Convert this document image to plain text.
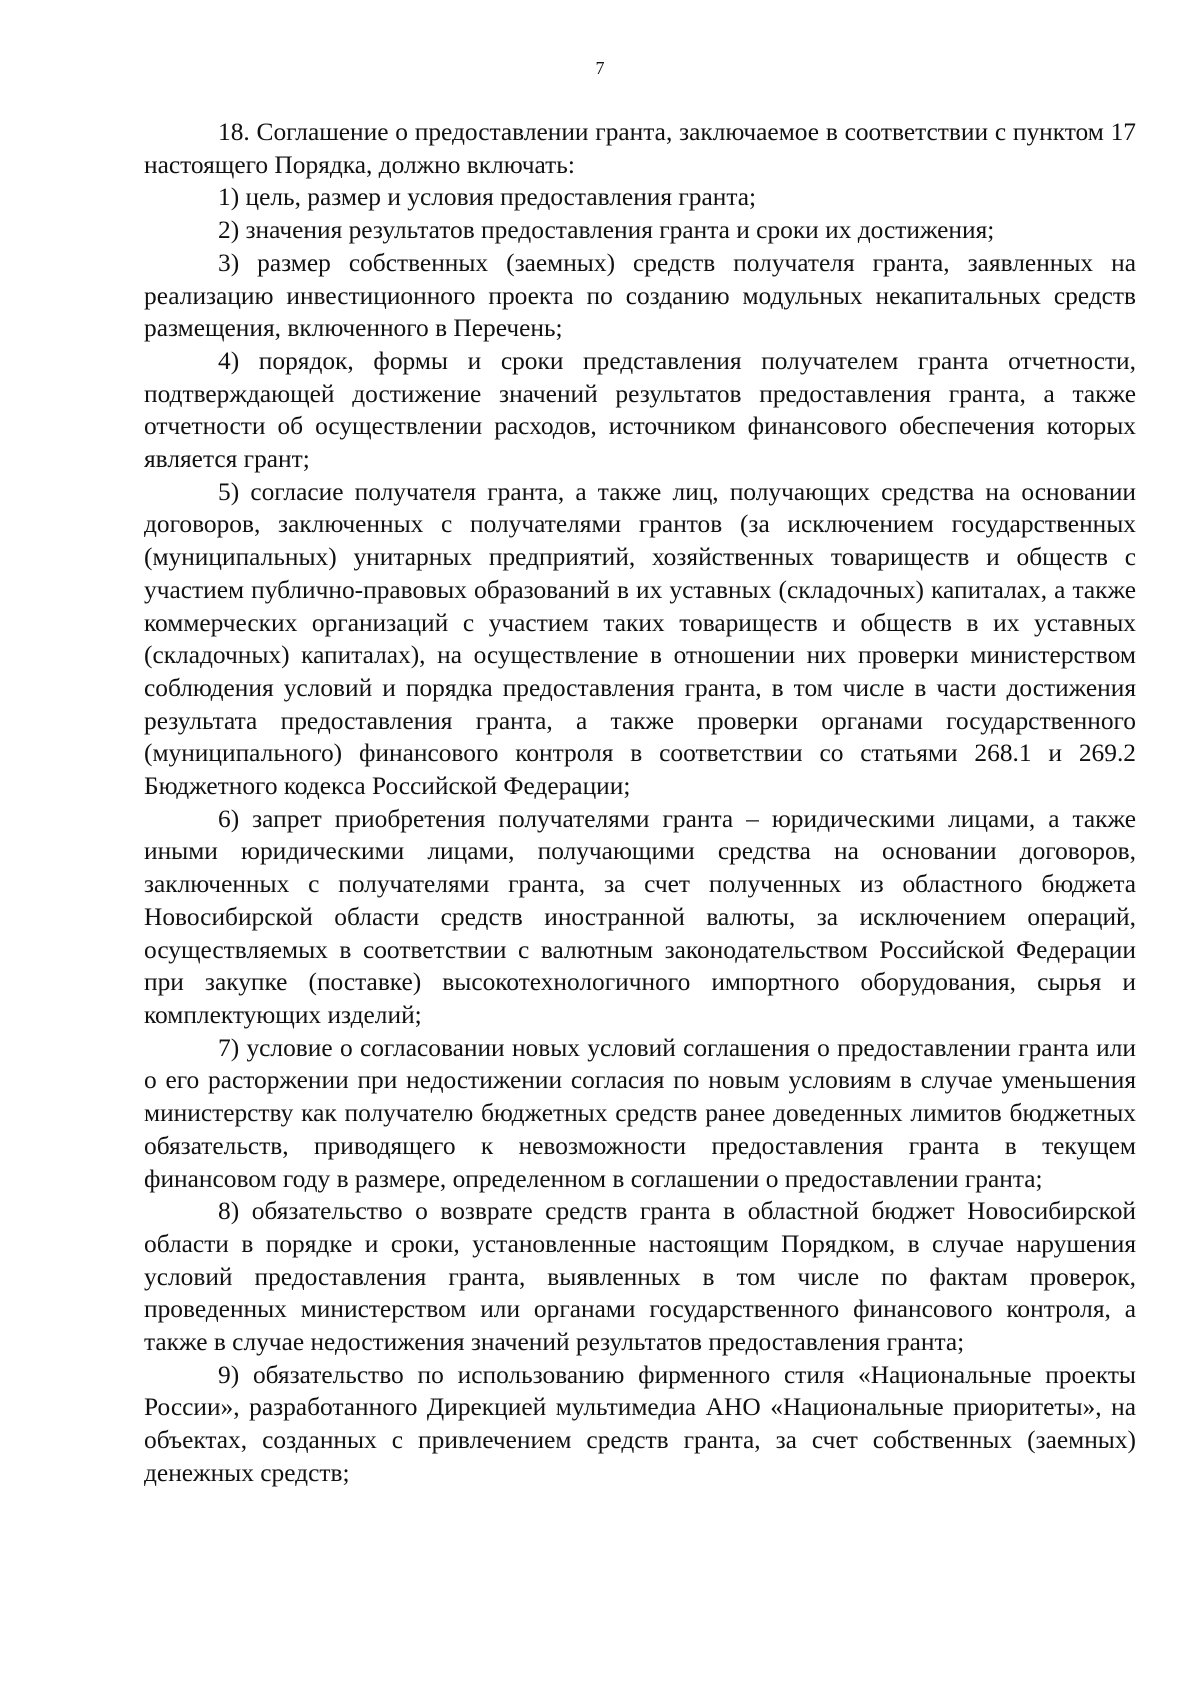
7

18. Соглашение о предоставлении гранта, заключаемое в соответствии с пунктом 17 настоящего Порядка, должно включать:

1) цель, размер и условия предоставления гранта;

2) значения результатов предоставления гранта и сроки их достижения;

3) размер собственных (заемных) средств получателя гранта, заявленных на реализацию инвестиционного проекта по созданию модульных некапитальных средств размещения, включенного в Перечень;

4) порядок, формы и сроки представления получателем гранта отчетности, подтверждающей достижение значений результатов предоставления гранта, а также отчетности об осуществлении расходов, источником финансового обеспечения которых является грант;

5) согласие получателя гранта, а также лиц, получающих средства на основании договоров, заключенных с получателями грантов (за исключением государственных (муниципальных) унитарных предприятий, хозяйственных товариществ и обществ с участием публично-правовых образований в их уставных (складочных) капиталах, а также коммерческих организаций с участием таких товариществ и обществ в их уставных (складочных) капиталах), на осуществление в отношении них проверки министерством соблюдения условий и порядка предоставления гранта, в том числе в части достижения результата предоставления гранта, а также проверки органами государственного (муниципального) финансового контроля в соответствии со статьями 268.1 и 269.2 Бюджетного кодекса Российской Федерации;

6) запрет приобретения получателями гранта – юридическими лицами, а также иными юридическими лицами, получающими средства на основании договоров, заключенных с получателями гранта, за счет полученных из областного бюджета Новосибирской области средств иностранной валюты, за исключением операций, осуществляемых в соответствии с валютным законодательством Российской Федерации при закупке (поставке) высокотехнологичного импортного оборудования, сырья и комплектующих изделий;

7) условие о согласовании новых условий соглашения о предоставлении гранта или о его расторжении при недостижении согласия по новым условиям в случае уменьшения министерству как получателю бюджетных средств ранее доведенных лимитов бюджетных обязательств, приводящего к невозможности предоставления гранта в текущем финансовом году в размере, определенном в соглашении о предоставлении гранта;

8) обязательство о возврате средств гранта в областной бюджет Новосибирской области в порядке и сроки, установленные настоящим Порядком, в случае нарушения условий предоставления гранта, выявленных в том числе по фактам проверок, проведенных министерством или органами государственного финансового контроля, а также в случае недостижения значений результатов предоставления гранта;

9) обязательство по использованию фирменного стиля «Национальные проекты России», разработанного Дирекцией мультимедиа АНО «Национальные приоритеты», на объектах, созданных с привлечением средств гранта, за счет собственных (заемных) денежных средств;
